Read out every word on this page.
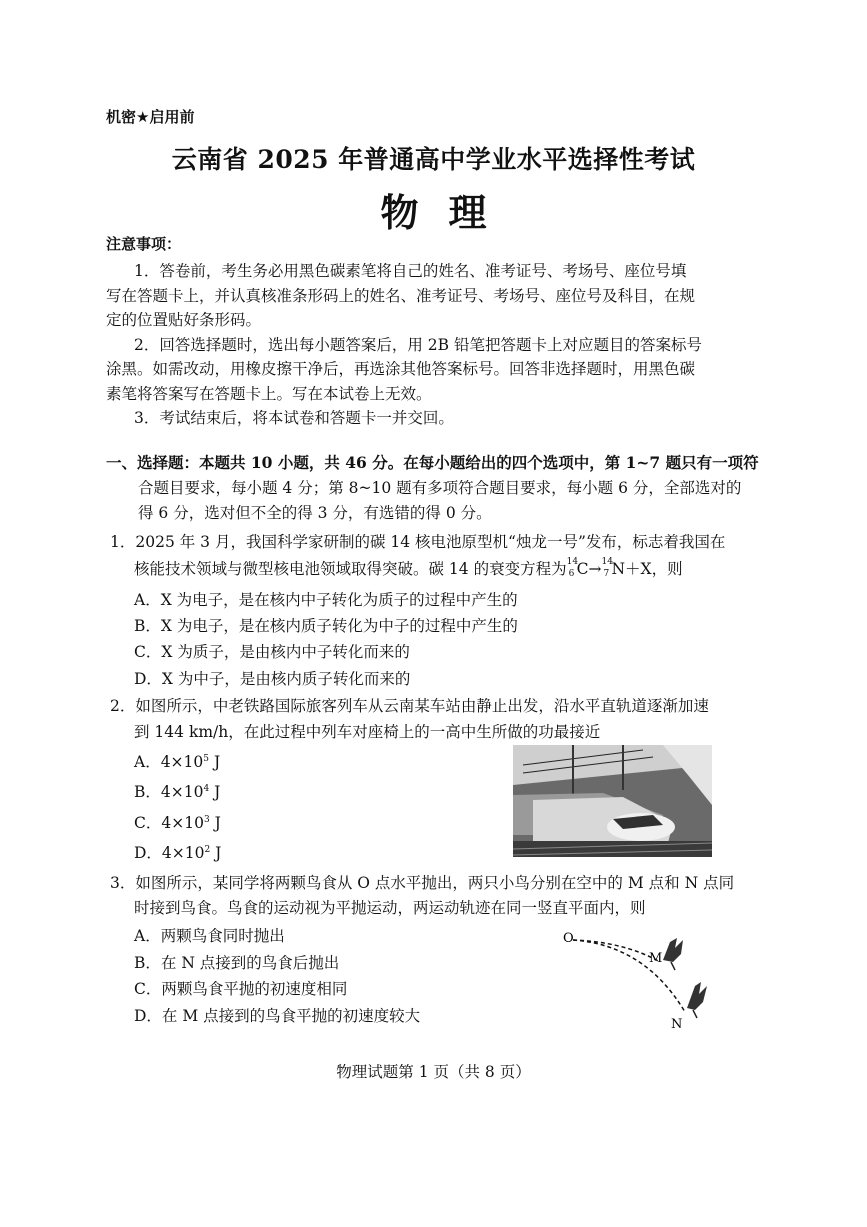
机密★启用前
云南省 2025 年普通高中学业水平选择性考试
物理
注意事项：
1．答卷前，考生务必用黑色碳素笔将自己的姓名、准考证号、考场号、座位号填
写在答题卡上，并认真核准条形码上的姓名、准考证号、考场号、座位号及科目，在规
定的位置贴好条形码。
2．回答选择题时，选出每小题答案后，用 2B 铅笔把答题卡上对应题目的答案标号
涂黑。如需改动，用橡皮擦干净后，再选涂其他答案标号。回答非选择题时，用黑色碳
素笔将答案写在答题卡上。写在本试卷上无效。
3．考试结束后，将本试卷和答题卡一并交回。
一、选择题：本题共 10 小题，共 46 分。在每小题给出的四个选项中，第 1~7 题只有一项符
合题目要求，每小题 4 分；第 8~10 题有多项符合题目要求，每小题 6 分，全部选对的
得 6 分，选对但不全的得 3 分，有选错的得 0 分。
1．2025 年 3 月，我国科学家研制的碳 14 核电池原型机“烛龙一号”发布，标志着我国在
核能技术领域与微型核电池领域取得突破。碳 14 的衰变方程为 14
6 C→ 14
7 N＋X，则
A．X 为电子，是在核内中子转化为质子的过程中产生的
B．X 为电子，是在核内质子转化为中子的过程中产生的
C．X 为质子，是由核内中子转化而来的
D．X 为中子，是由核内质子转化而来的
2．如图所示，中老铁路国际旅客列车从云南某车站由静止出发，沿水平直轨道逐渐加速
到 144 km/h，在此过程中列车对座椅上的一高中生所做的功最接近
A．$4\times 10^5$ J
B．$4\times 10^4$ J
C．$4\times 10^3$ J
D．$4\times 10^2$ J
3．如图所示，某同学将两颗鸟食从 O 点水平抛出，两只小鸟分别在空中的 M 点和 N 点同
时接到鸟食。鸟食的运动视为平抛运动，两运动轨迹在同一竖直平面内，则
A．两颗鸟食同时抛出
B．在 N 点接到的鸟食后抛出
C．两颗鸟食平抛的初速度相同
D．在 M 点接到的鸟食平抛的初速度较大
O
M
N
物理试题第 1 页（共 8 页）
